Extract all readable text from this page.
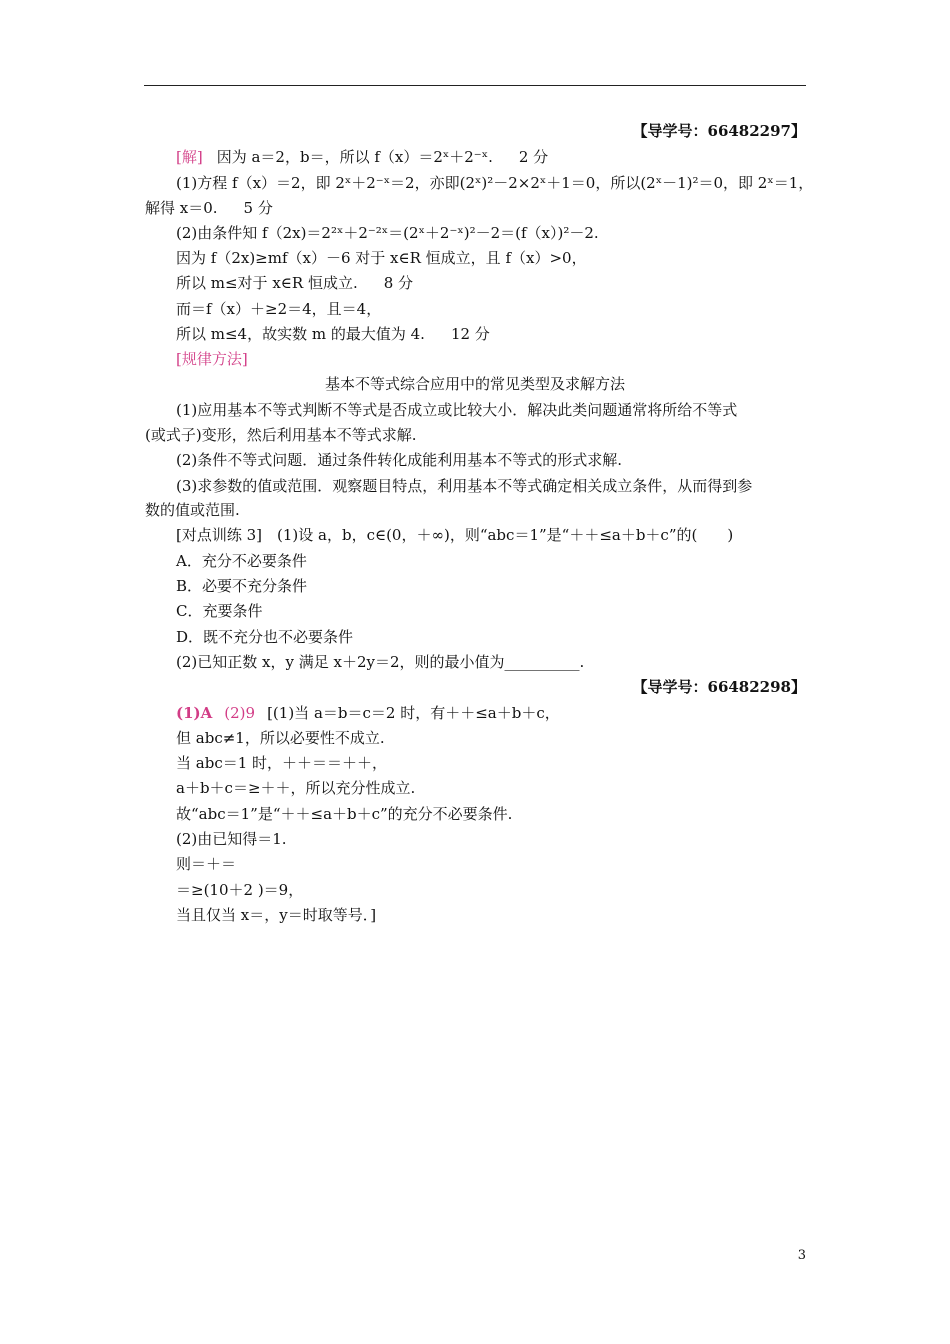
【导学号：66482297】
[解] 因为 a＝2，b＝，所以 f（x）＝2ˣ＋2⁻ˣ. 2 分
(1)方程 f（x）＝2，即 2ˣ＋2⁻ˣ＝2，亦即(2ˣ)²－2×2ˣ＋1＝0，所以(2ˣ－1)²＝0，即 2ˣ＝1，
解得 x＝0. 5 分
(2)由条件知 f（2x)＝2²ˣ＋2⁻²ˣ＝(2ˣ＋2⁻ˣ)²－2＝(f（x）)²－2.
因为 f（2x)≥mf（x）－6 对于 x∈R 恒成立，且 f（x）>0，
所以 m≤对于 x∈R 恒成立. 8 分
而＝f（x）＋≥2＝4，且＝4，
所以 m≤4，故实数 m 的最大值为 4. 12 分
[规律方法]
基本不等式综合应用中的常见类型及求解方法
(1)应用基本不等式判断不等式是否成立或比较大小．解决此类问题通常将所给不等式
(或式子)变形，然后利用基本不等式求解.
(2)条件不等式问题．通过条件转化成能利用基本不等式的形式求解.
(3)求参数的值或范围．观察题目特点，利用基本不等式确定相关成立条件，从而得到参
数的值或范围.
[对点训练 3]　(1)设 a，b，c∈(0，＋∞)，则“abc＝1”是“＋＋≤a＋b＋c”的(　　)
A．充分不必要条件
B．必要不充分条件
C．充要条件
D．既不充分也不必要条件
(2)已知正数 x，y 满足 x＋2y＝2，则的最小值为__________.
【导学号：66482298】
(1)A (2)9 [(1)当 a＝b＝c＝2 时，有＋＋≤a＋b＋c，
但 abc≠1，所以必要性不成立.
当 abc＝1 时，＋＋＝＝＋＋，
a＋b＋c＝≥＋＋，所以充分性成立.
故“abc＝1”是“＋＋≤a＋b＋c”的充分不必要条件.
(2)由已知得＝1.
则＝＋＝
＝≥(10＋2 )＝9，
当且仅当 x＝，y＝时取等号．]
3
